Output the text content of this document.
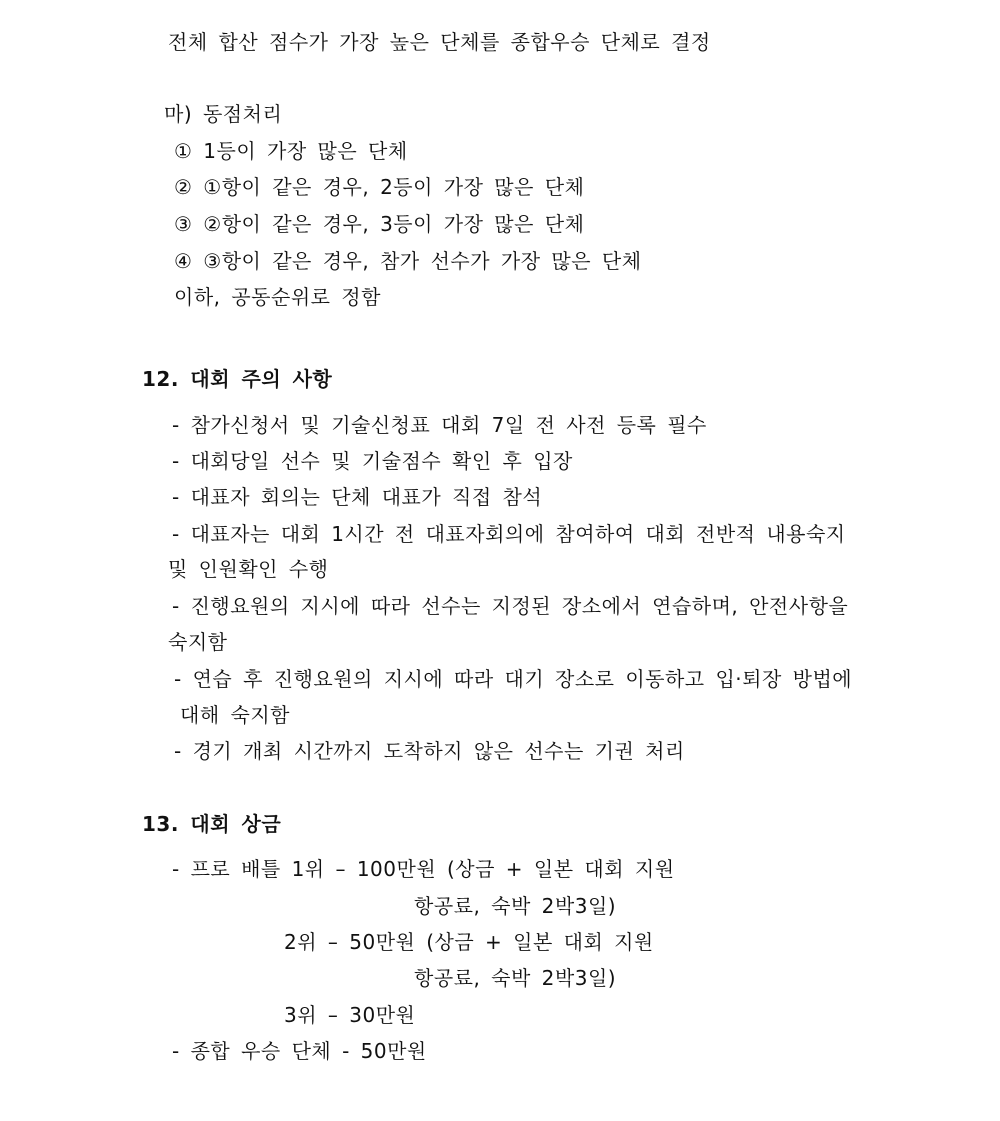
전체 합산 점수가 가장 높은 단체를 종합우승 단체로 결정
마) 동점처리
① 1등이 가장 많은 단체
② ①항이 같은 경우, 2등이 가장 많은 단체
③ ②항이 같은 경우, 3등이 가장 많은 단체
④ ③항이 같은 경우, 참가 선수가 가장 많은 단체
이하, 공동순위로 정함
12. 대회 주의 사항
- 참가신청서 및 기술신청표 대회 7일 전 사전 등록 필수
- 대회당일 선수 및 기술점수 확인 후 입장
- 대표자 회의는 단체 대표가 직접 참석
- 대표자는 대회 1시간 전 대표자회의에 참여하여 대회 전반적 내용숙지
및 인원확인 수행
- 진행요원의 지시에 따라 선수는 지정된 장소에서 연습하며, 안전사항을
숙지함
- 연습 후 진행요원의 지시에 따라 대기 장소로 이동하고 입·퇴장 방법에
대해 숙지함
- 경기 개최 시간까지 도착하지 않은 선수는 기권 처리
13. 대회 상금
- 프로 배틀 1위 – 100만원 (상금 + 일본 대회 지원
항공료, 숙박 2박3일)
2위 – 50만원 (상금 + 일본 대회 지원
항공료, 숙박 2박3일)
3위 – 30만원
- 종합 우승 단체 - 50만원
